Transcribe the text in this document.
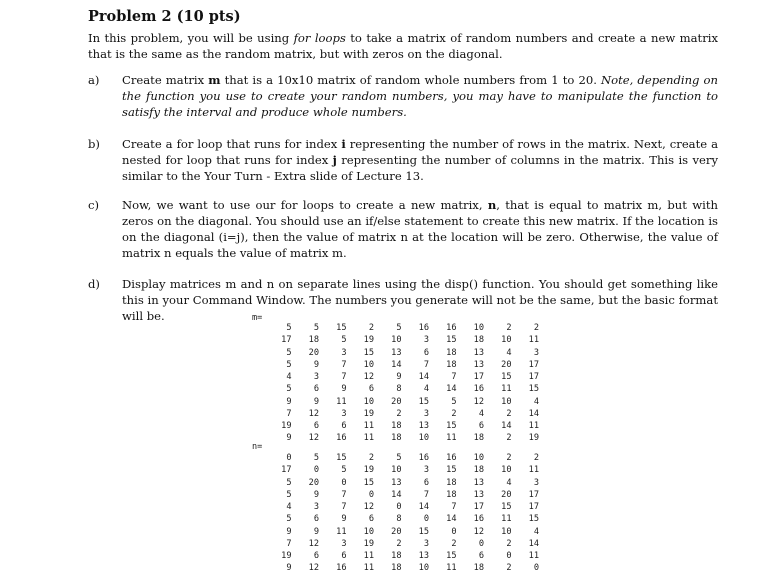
Problem 2 (10 pts)
In this problem, you will be using for loops to take a matrix of random numbers and create a new matrix that is the same as the random matrix, but with zeros on the diagonal.
a) Create matrix m that is a 10x10 matrix of random whole numbers from 1 to 20. Note, depending on the function you use to create your random numbers, you may have to manipulate the function to satisfy the interval and produce whole numbers.
b) Create a for loop that runs for index i representing the number of rows in the matrix. Next, create a nested for loop that runs for index j representing the number of columns in the matrix. This is very similar to the Your Turn - Extra slide of Lecture 13.
c) Now, we want to use our for loops to create a new matrix, n, that is equal to matrix m, but with zeros on the diagonal. You should use an if/else statement to create this new matrix. If the location is on the diagonal (i=j), then the value of matrix n at the location will be zero. Otherwise, the value of matrix n equals the value of matrix m.
d) Display matrices m and n on separate lines using the disp() function. You should get something like this in your Command Window. The numbers you generate will not be the same, but the basic format will be.	m=
5	5	15	2	5	16	16	10	2	2
17	18	5	19	10	3	15	18	10	11
5	20	3	15	13	6	18	13	4	3
5	9	7	10	14	7	18	13	20	17
4	3	7	12	9	14	7	17	15	17
5	6	9	6	8	4	14	16	11	15
9	9	11	10	20	15	5	12	10	4
7	12	3	19	2	3	2	4	2	14
19	6	6	11	18	13	15	6	14	11
9	12	16	11	18	10	11	18	2	19
n=
0	5	15	2	5	16	16	10	2	2
17	0	5	19	10	3	15	18	10	11
5	20	0	15	13	6	18	13	4	3
5	9	7	0	14	7	18	13	20	17
4	3	7	12	0	14	7	17	15	17
5	6	9	6	8	0	14	16	11	15
9	9	11	10	20	15	0	12	10	4
7	12	3	19	2	3	2	0	2	14
19	6	6	11	18	13	15	6	0	11
9	12	16	11	18	10	11	18	2	0
